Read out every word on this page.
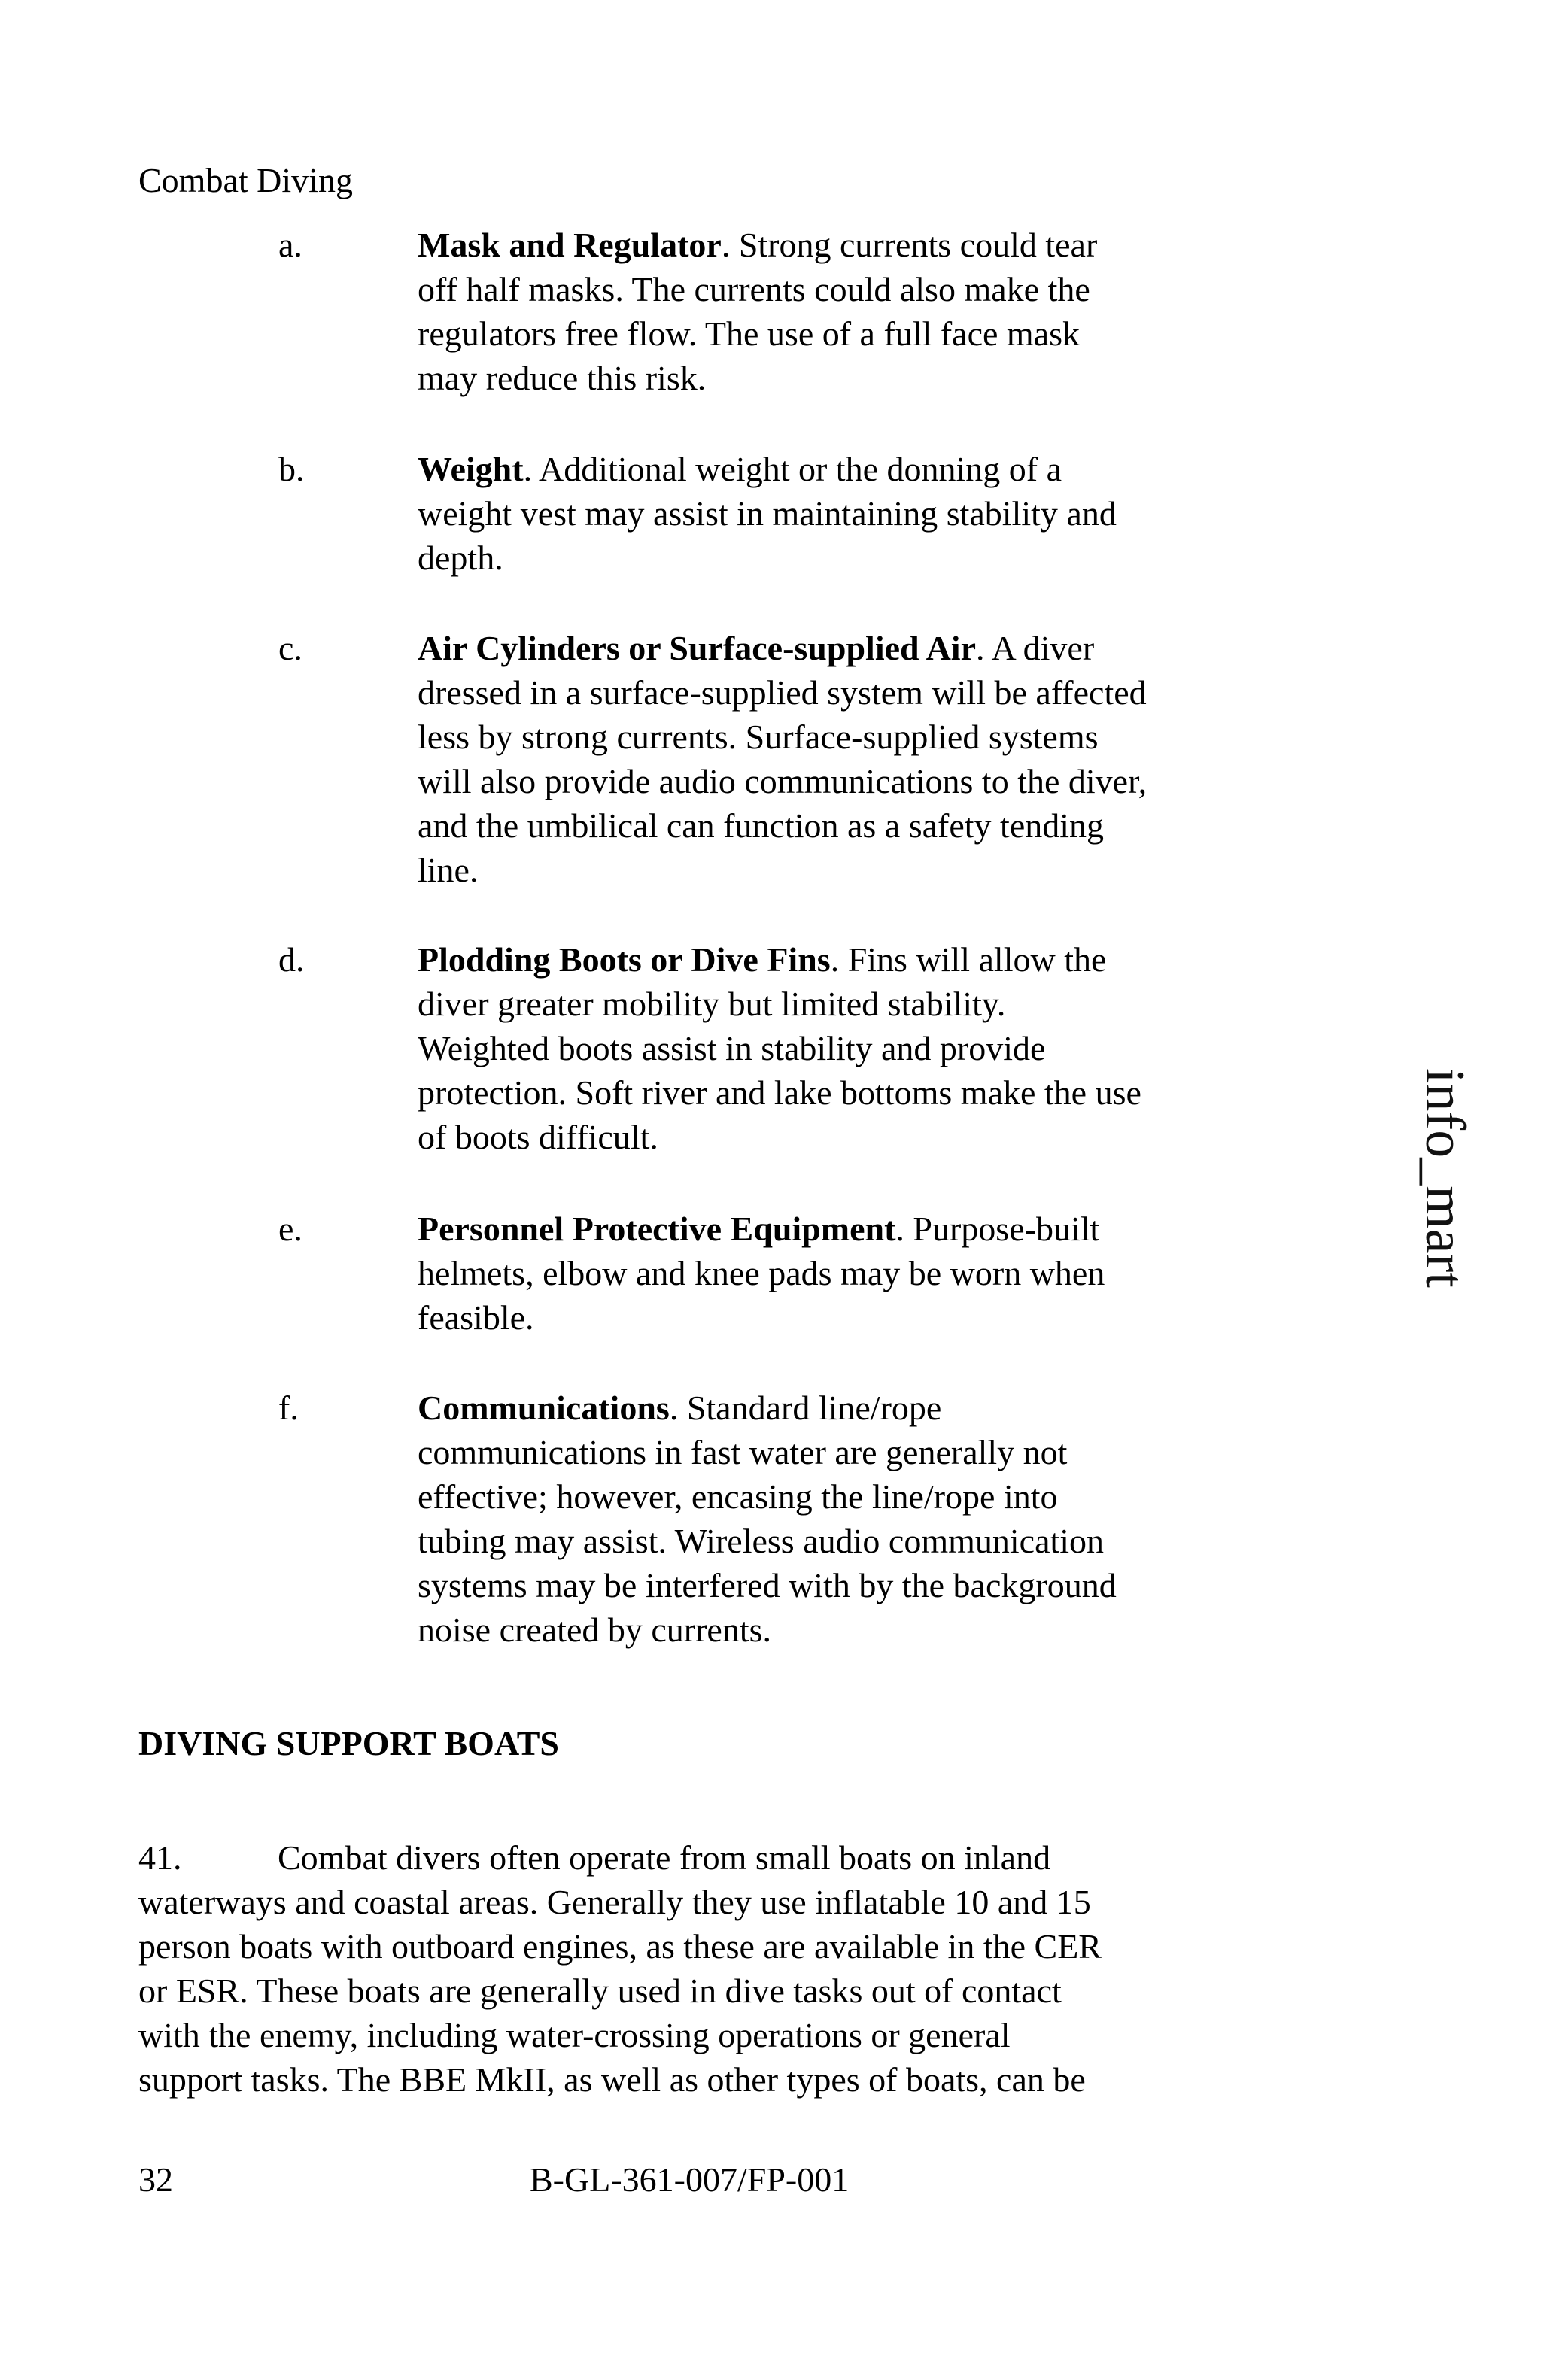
Combat Diving
a.	Mask and Regulator. Strong currents could tear
off half masks. The currents could also make the
regulators free flow. The use of a full face mask
may reduce this risk.
b.	Weight. Additional weight or the donning of a
weight vest may assist in maintaining stability and
depth.
c.	Air Cylinders or Surface-supplied Air. A diver
dressed in a surface-supplied system will be affected
less by strong currents. Surface-supplied systems
will also provide audio communications to the diver,
and the umbilical can function as a safety tending
line.
d.	Plodding Boots or Dive Fins. Fins will allow the
diver greater mobility but limited stability.
Weighted boots assist in stability and provide
protection. Soft river and lake bottoms make the use
of boots difficult.
e.	Personnel Protective Equipment. Purpose-built
helmets, elbow and knee pads may be worn when
feasible.
f.	Communications. Standard line/rope
communications in fast water are generally not
effective; however, encasing the line/rope into
tubing may assist. Wireless audio communication
systems may be interfered with by the background
noise created by currents.
DIVING SUPPORT BOATS
41.	Combat divers often operate from small boats on inland
waterways and coastal areas. Generally they use inflatable 10 and 15
person boats with outboard engines, as these are available in the CER
or ESR. These boats are generally used in dive tasks out of contact
with the enemy, including water-crossing operations or general
support tasks. The BBE MkII, as well as other types of boats, can be
32	B-GL-361-007/FP-001
info_mart
